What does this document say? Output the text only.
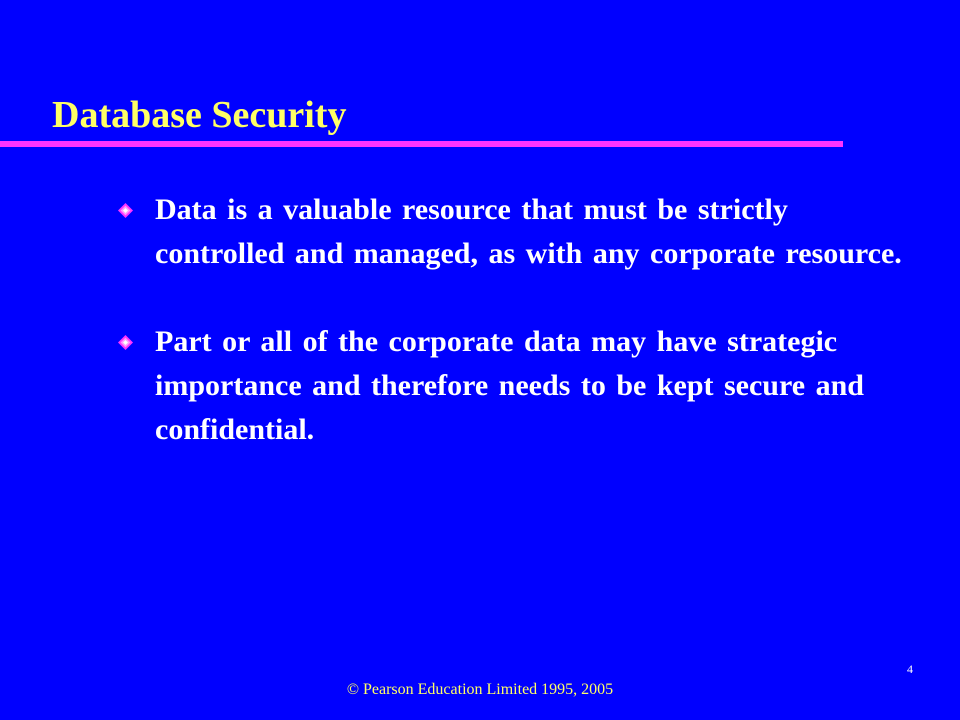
Database Security
Data is a valuable resource that must be strictly controlled and managed, as with any corporate resource.
Part or all of the corporate data may have strategic importance and therefore needs to be kept secure and confidential.
4
© Pearson Education Limited 1995, 2005
